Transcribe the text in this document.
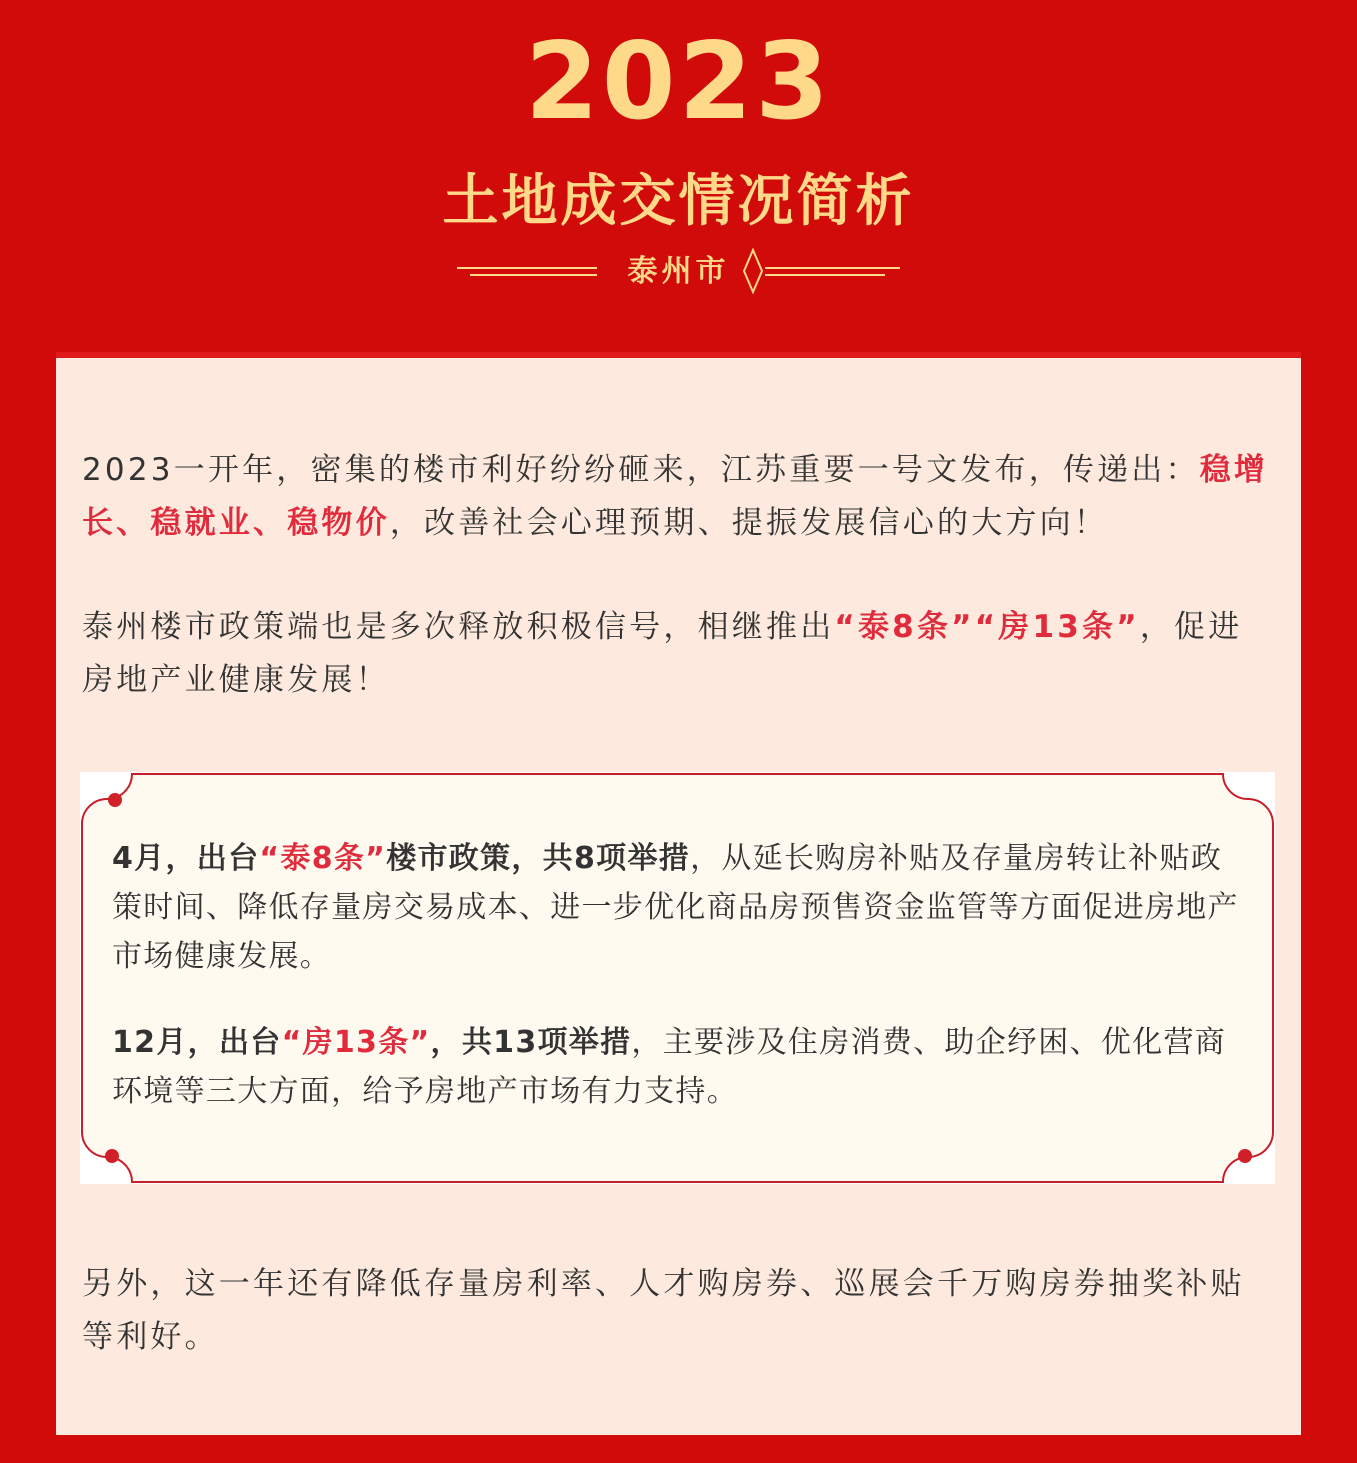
2023
土地成交情况简析
泰州市

2023一开年，密集的楼市利好纷纷砸来，江苏重要一号文发布，传递出：稳增长、稳就业、稳物价，改善社会心理预期、提振发展信心的大方向！

泰州楼市政策端也是多次释放积极信号，相继推出“泰8条”“房13条”，促进房地产业健康发展！

4月，出台“泰8条”楼市政策，共8项举措，从延长购房补贴及存量房转让补贴政策时间、降低存量房交易成本、进一步优化商品房预售资金监管等方面促进房地产市场健康发展。

12月，出台“房13条”，共13项举措，主要涉及住房消费、助企纾困、优化营商环境等三大方面，给予房地产市场有力支持。

另外，这一年还有降低存量房利率、人才购房券、巡展会千万购房券抽奖补贴等利好。
